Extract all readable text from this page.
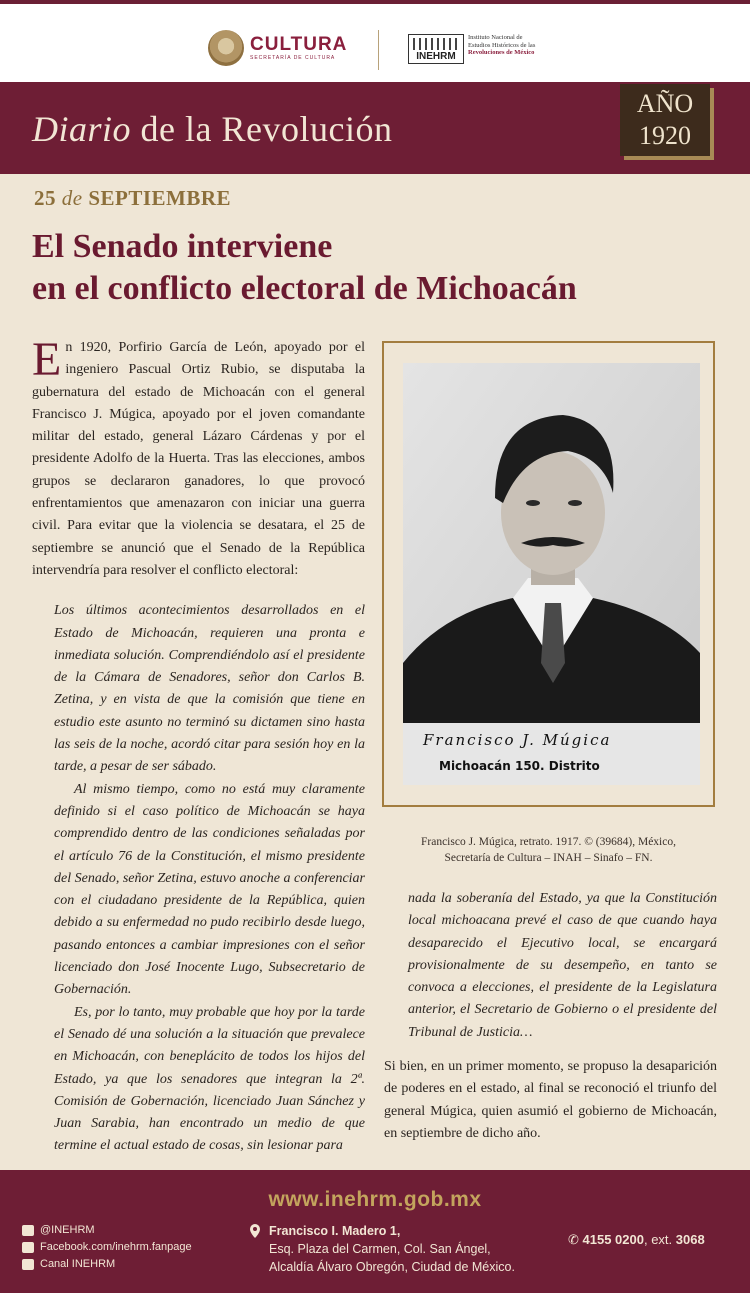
CULTURA
SECRETARÍA DE CULTURA	INEHRM
Instituto Nacional de
Estudios Históricos de las
Revoluciones de México
Diario de la Revolución
AÑO
1920
25 de SEPTIEMBRE
El Senado interviene
en el conflicto electoral de Michoacán

En 1920, Porfirio García de León, apoyado por el ingeniero Pascual Ortiz Rubio, se disputaba la gubernatura del estado de Michoacán con el general Francisco J. Múgica, apoyado por el joven comandante militar del estado, general Lázaro Cárdenas y por el presidente Adolfo de la Huerta. Tras las elecciones, ambos grupos se declararon ganadores, lo que provocó enfrentamientos que amenazaron con iniciar una guerra civil. Para evitar que la violencia se desatara, el 25 de septiembre se anunció que el Senado de la República intervendría para resolver el conflicto electoral:

Los últimos acontecimientos desarrollados en el Estado de Michoacán, requieren una pronta e inmediata solución. Comprendiéndolo así el presidente de la Cámara de Senadores, señor don Carlos B. Zetina, y en vista de que la comisión que tiene en estudio este asunto no terminó su dictamen sino hasta las seis de la noche, acordó citar para sesión hoy en la tarde, a pesar de ser sábado.

Al mismo tiempo, como no está muy claramente definido si el caso político de Michoacán se haya comprendido dentro de las condiciones señaladas por el artículo 76 de la Constitución, el mismo presidente del Senado, señor Zetina, estuvo anoche a conferenciar con el ciudadano presidente de la República, quien debido a su enfermedad no pudo recibirlo desde luego, pasando entonces a cambiar impresiones con el señor licenciado don José Inocente Lugo, Subsecretario de Gobernación.

Es, por lo tanto, muy probable que hoy por la tarde el Senado dé una solución a la situación que prevalece en Michoacán, con beneplácito de todos los hijos del Estado, ya que los senadores que integran la 2ª. Comisión de Gobernación, licenciado Juan Sánchez y Juan Sarabia, han encontrado un medio de que termine el actual estado de cosas, sin lesionar para

Francisco J. Múgica
Michoacán 150. Distrito
Francisco J. Múgica, retrato. 1917. © (39684), México,
Secretaría de Cultura – INAH – Sinafo – FN.
nada la soberanía del Estado, ya que la Constitución local michoacana prevé el caso de que cuando haya desaparecido el Ejecutivo local, se encargará provisionalmente de su desempeño, en tanto se convoca a elecciones, el presidente de la Legislatura anterior, el Secretario de Gobierno o el presidente del Tribunal de Justicia…
Si bien, en un primer momento, se propuso la desaparición de poderes en el estado, al final se reconoció el triunfo del general Múgica, quien asumió el gobierno de Michoacán, en septiembre de dicho año.
www.inehrm.gob.mx
@INEHRM
Facebook.com/inehrm.fanpage
Canal INEHRM
Francisco I. Madero 1,
Esq. Plaza del Carmen, Col. San Ángel,
Alcaldía Álvaro Obregón, Ciudad de México.
✆ 4155 0200, ext. 3068
